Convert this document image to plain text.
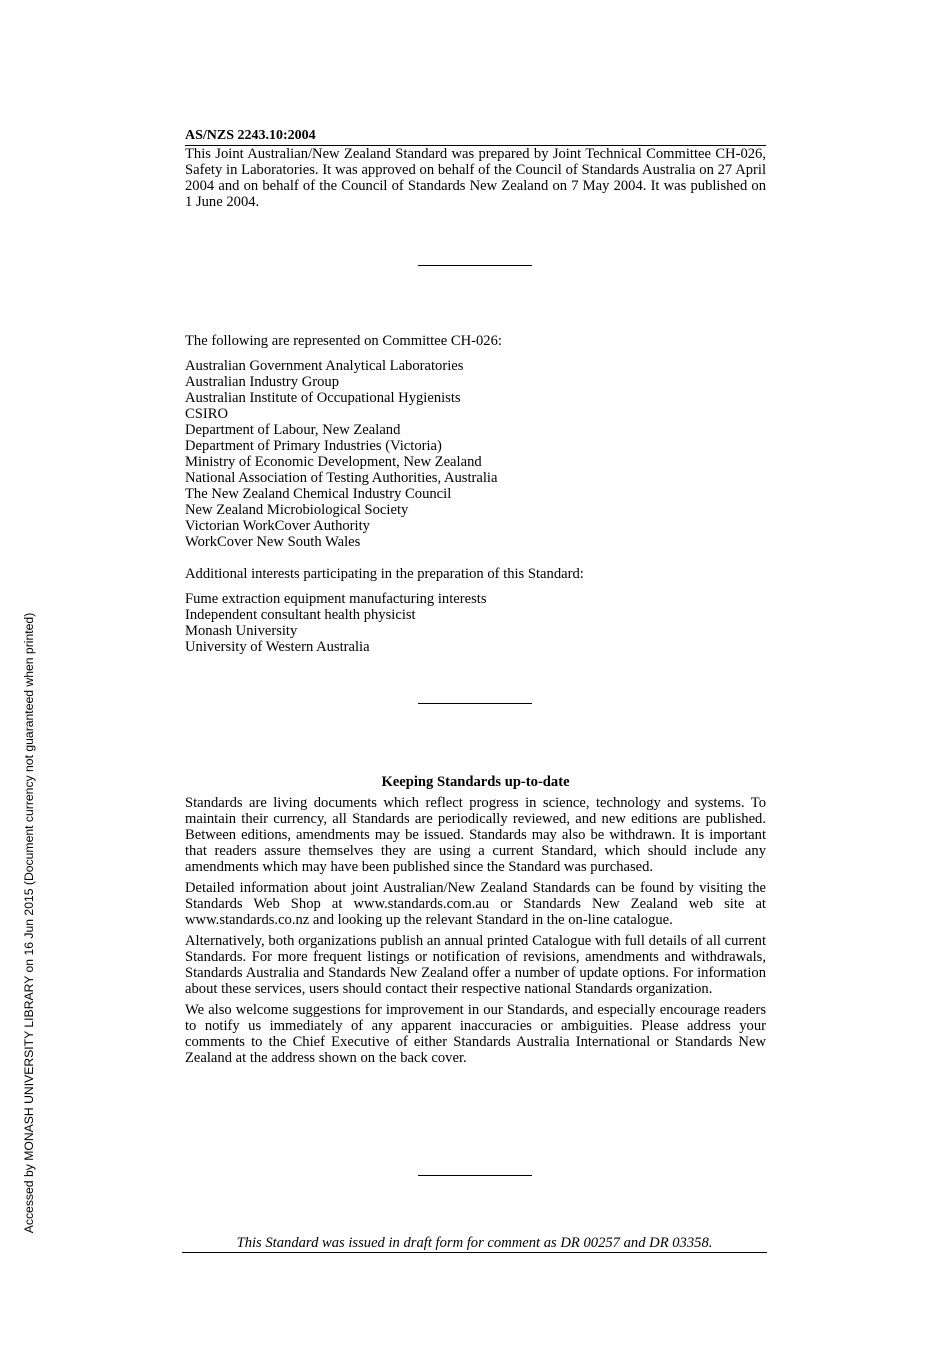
Accessed by MONASH UNIVERSITY LIBRARY on 16 Jun 2015 (Document currency not guaranteed when printed)
AS/NZS 2243.10:2004
This Joint Australian/New Zealand Standard was prepared by Joint Technical Committee CH-026, Safety in Laboratories. It was approved on behalf of the Council of Standards Australia on 27 April 2004 and on behalf of the Council of Standards New Zealand on 7 May 2004. It was published on 1 June 2004.

The following are represented on Committee CH-026:

Australian Government Analytical Laboratories
Australian Industry Group
Australian Institute of Occupational Hygienists
CSIRO
Department of Labour, New Zealand
Department of Primary Industries (Victoria)
Ministry of Economic Development, New Zealand
National Association of Testing Authorities, Australia
The New Zealand Chemical Industry Council
New Zealand Microbiological Society
Victorian WorkCover Authority
WorkCover New South Wales

Additional interests participating in the preparation of this Standard:

Fume extraction equipment manufacturing interests
Independent consultant health physicist
Monash University
University of Western Australia
Keeping Standards up-to-date

Standards are living documents which reflect progress in science, technology and systems. To maintain their currency, all Standards are periodically reviewed, and new editions are published. Between editions, amendments may be issued. Standards may also be withdrawn. It is important that readers assure themselves they are using a current Standard, which should include any amendments which may have been published since the Standard was purchased.

Detailed information about joint Australian/New Zealand Standards can be found by visiting the Standards Web Shop at www.standards.com.au or Standards New Zealand web site at www.standards.co.nz and looking up the relevant Standard in the on-line catalogue.

Alternatively, both organizations publish an annual printed Catalogue with full details of all current Standards. For more frequent listings or notification of revisions, amendments and withdrawals, Standards Australia and Standards New Zealand offer a number of update options. For information about these services, users should contact their respective national Standards organization.

We also welcome suggestions for improvement in our Standards, and especially encourage readers to notify us immediately of any apparent inaccuracies or ambiguities. Please address your comments to the Chief Executive of either Standards Australia International or Standards New Zealand at the address shown on the back cover.

This Standard was issued in draft form for comment as DR 00257 and DR 03358.
